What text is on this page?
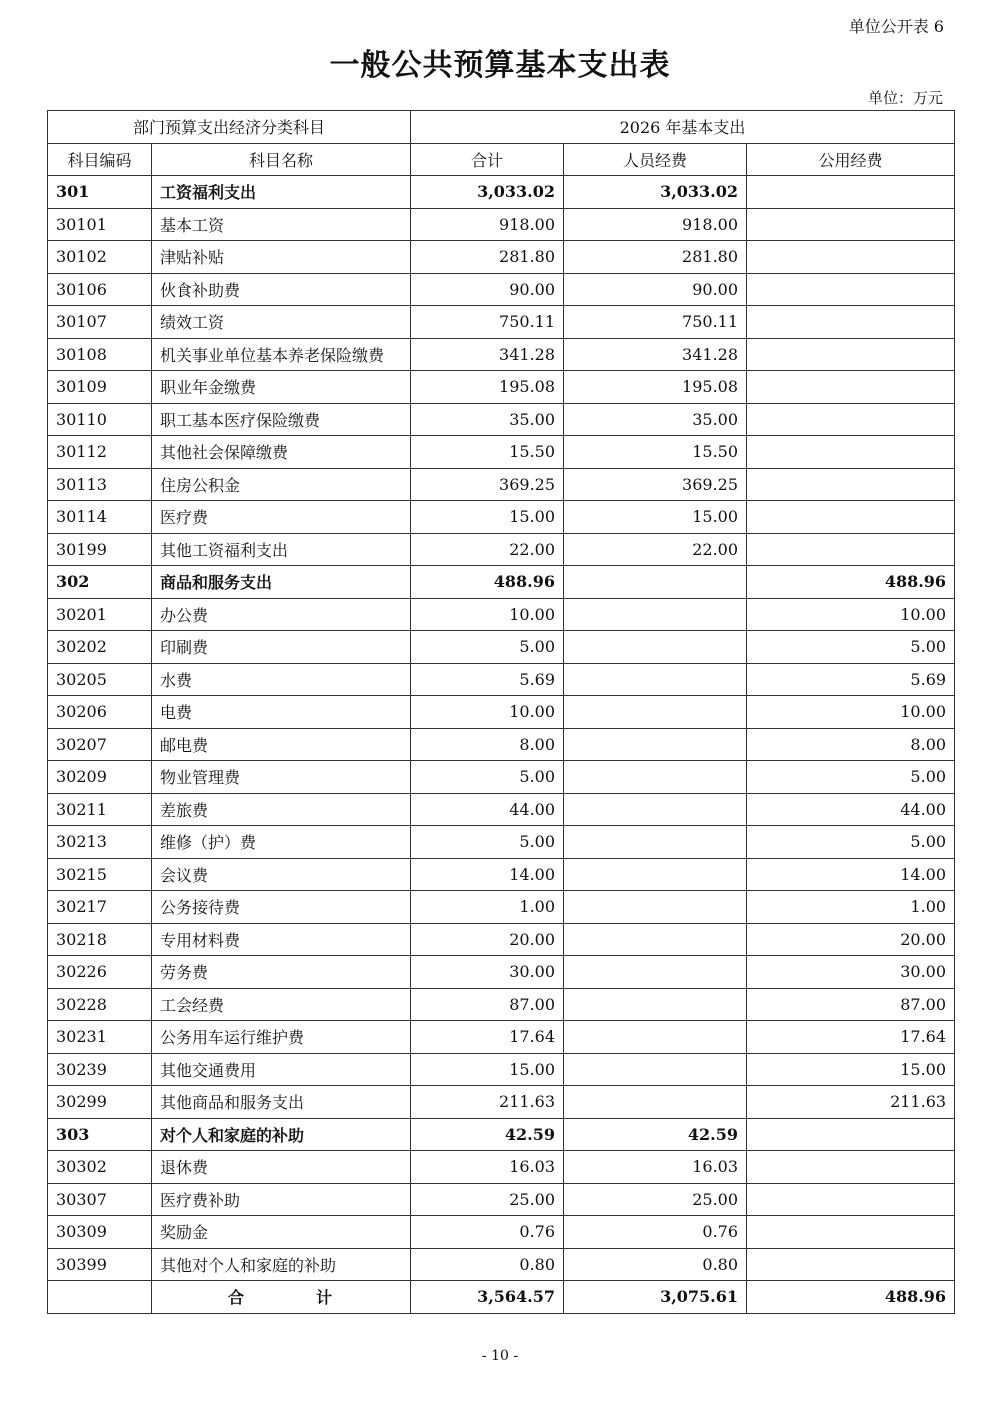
单位公开表 6
一般公共预算基本支出表
单位：万元
部门预算支出经济分类科目		2026 年基本支出		
科目编码	科目名称	合计	人员经费	公用经费
301	工资福利支出	3,033.02	3,033.02	
30101	基本工资	918.00	918.00	
30102	津贴补贴	281.80	281.80	
30106	伙食补助费	90.00	90.00	
30107	绩效工资	750.11	750.11	
30108	机关事业单位基本养老保险缴费	341.28	341.28	
30109	职业年金缴费	195.08	195.08	
30110	职工基本医疗保险缴费	35.00	35.00	
30112	其他社会保障缴费	15.50	15.50	
30113	住房公积金	369.25	369.25	
30114	医疗费	15.00	15.00	
30199	其他工资福利支出	22.00	22.00	
302	商品和服务支出	488.96		488.96
30201	办公费	10.00		10.00
30202	印刷费	5.00		5.00
30205	水费	5.69		5.69
30206	电费	10.00		10.00
30207	邮电费	8.00		8.00
30209	物业管理费	5.00		5.00
30211	差旅费	44.00		44.00
30213	维修（护）费	5.00		5.00
30215	会议费	14.00		14.00
30217	公务接待费	1.00		1.00
30218	专用材料费	20.00		20.00
30226	劳务费	30.00		30.00
30228	工会经费	87.00		87.00
30231	公务用车运行维护费	17.64		17.64
30239	其他交通费用	15.00		15.00
30299	其他商品和服务支出	211.63		211.63
303	对个人和家庭的补助	42.59	42.59	
30302	退休费	16.03	16.03	
30307	医疗费补助	25.00	25.00	
30309	奖励金	0.76	0.76	
30399	其他对个人和家庭的补助	0.80	0.80	
	合 计	3,564.57	3,075.61	488.96
- 10 -
